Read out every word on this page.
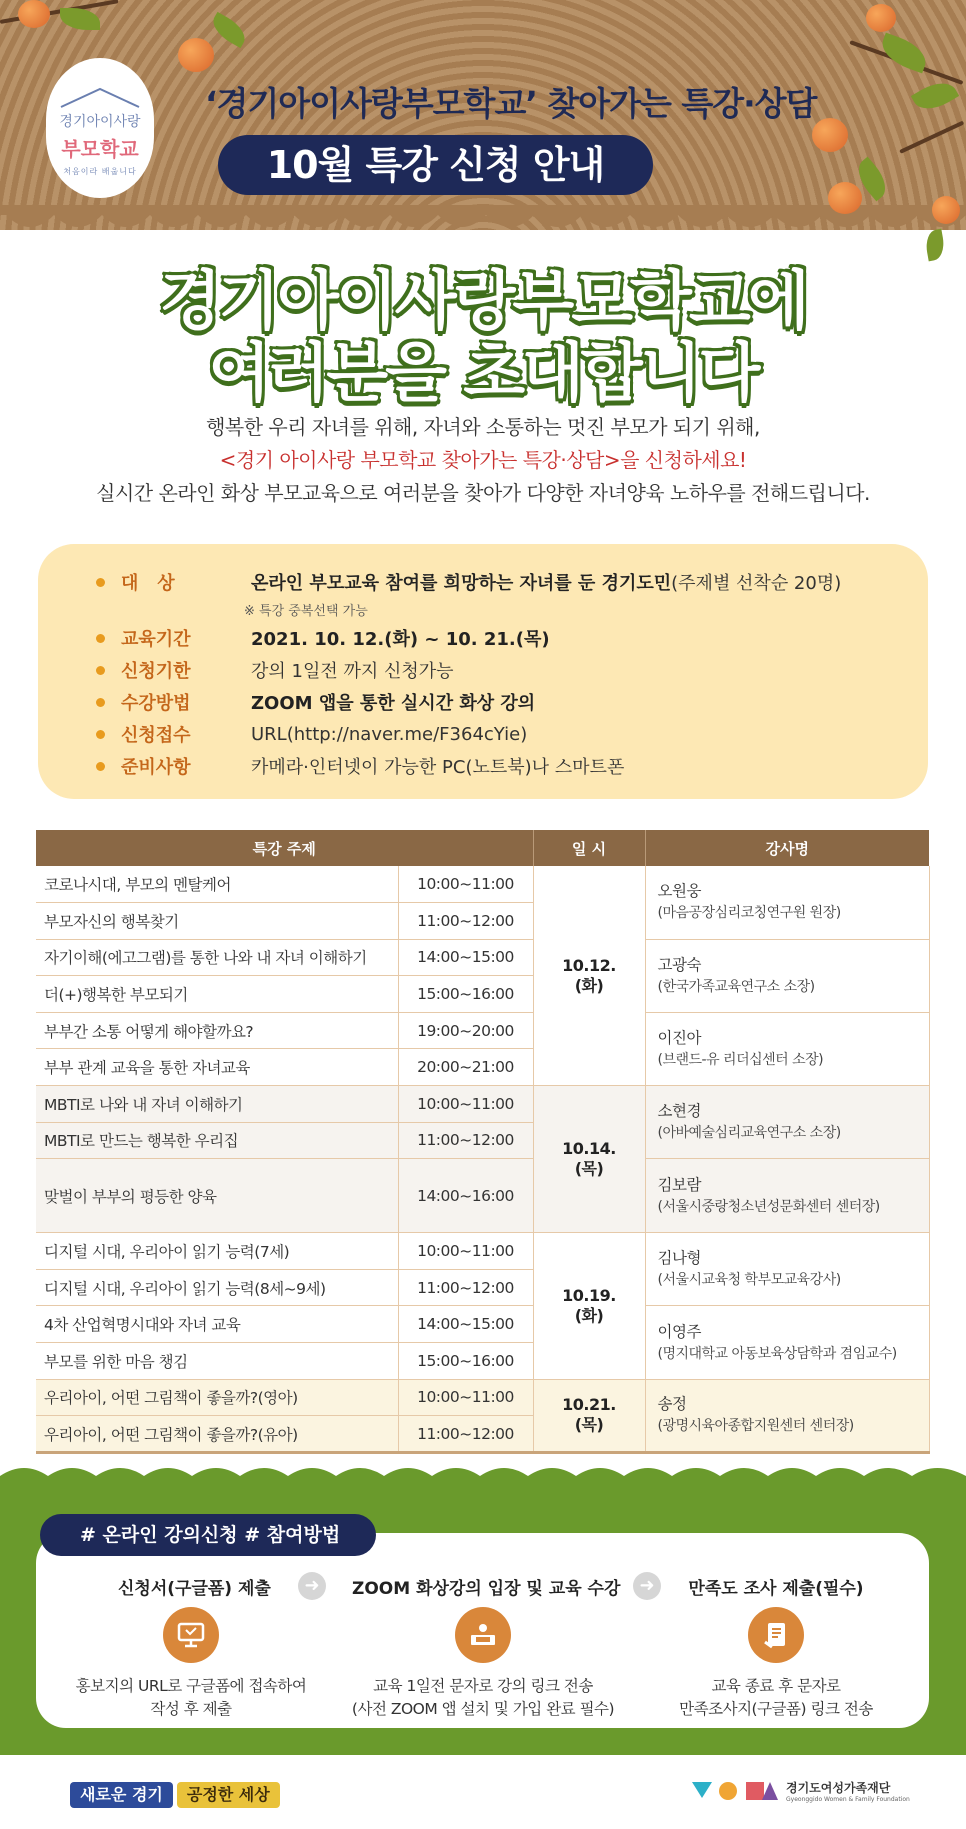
경기아이사랑
부모학교
처음이라 배웁니다
‘경기아이사랑부모학교’ 찾아가는 특강·상담
10월 특강 신청 안내
경기아이사랑부모학교에
여러분을 초대합니다
행복한 우리 자녀를 위해, 자녀와 소통하는 멋진 부모가 되기 위해,
<경기 아이사랑 부모학교 찾아가는 특강·상담>을 신청하세요!
실시간 온라인 화상 부모교육으로 여러분을 찾아가 다양한 자녀양육 노하우를 전해드립니다.
대   상	온라인 부모교육 참여를 희망하는 자녀를 둔 경기도민(주제별 선착순 20명)
※ 특강 중복선택 가능
교육기간	2021. 10. 12.(화) ~ 10. 21.(목)
신청기한	강의 1일전 까지 신청가능
수강방법	ZOOM 앱을 통한 실시간 화상 강의
신청접수	URL(http://naver.me/F364cYie)
준비사항	카메라·인터넷이 가능한 PC(노트북)나 스마트폰
특강 주제		일 시	강사명
코로나시대, 부모의 멘탈케어	10:00~11:00	10.12.
(화)	오원웅
(마음공장심리코칭연구원 원장)

부모자신의 행복찾기	11:00~12:00		
자기이해(에고그램)를 통한 나와 내 자녀 이해하기	14:00~15:00		고광숙
(한국가족교육연구소 소장)

더(+)행복한 부모되기	15:00~16:00		
부부간 소통 어떻게 해야할까요?	19:00~20:00		이진아
(브랜드-유 리더십센터 소장)

부부 관계 교육을 통한 자녀교육	20:00~21:00		
MBTI로 나와 내 자녀 이해하기	10:00~11:00	10.14.
(목)	소현경
(아바예술심리교육연구소 소장)

MBTI로 만드는 행복한 우리집	11:00~12:00		
맞벌이 부부의 평등한 양육	14:00~16:00		김보람
(서울시중랑청소년성문화센터 센터장)

디지털 시대, 우리아이 읽기 능력(7세)	10:00~11:00	10.19.
(화)	김나형
(서울시교육청 학부모교육강사)

디지털 시대, 우리아이 읽기 능력(8세~9세)	11:00~12:00		
4차 산업혁명시대와 자녀 교육	14:00~15:00		이영주
(명지대학교 아동보육상담학과 겸임교수)

부모를 위한 마음 챙김	15:00~16:00		
우리아이, 어떤 그림책이 좋을까?(영아)	10:00~11:00	10.21.
(목)	송정
(광명시육아종합지원센터 센터장)

우리아이, 어떤 그림책이 좋을까?(유아)	11:00~12:00		
# 온라인 강의신청 # 참여방법
신청서(구글폼) 제출	➜	ZOOM 화상강의 입장 및 교육 수강	➜	만족도 조사 제출(필수)
홍보지의 URL로 구글폼에 접속하여
작성 후 제출
교육 1일전 문자로 강의 링크 전송
(사전 ZOOM 앱 설치 및 가입 완료 필수)
교육 종료 후 문자로
만족조사지(구글폼) 링크 전송
새로운 경기	공정한 세상	경기도여성가족재단
Gyeonggido Women & Family Foundation
